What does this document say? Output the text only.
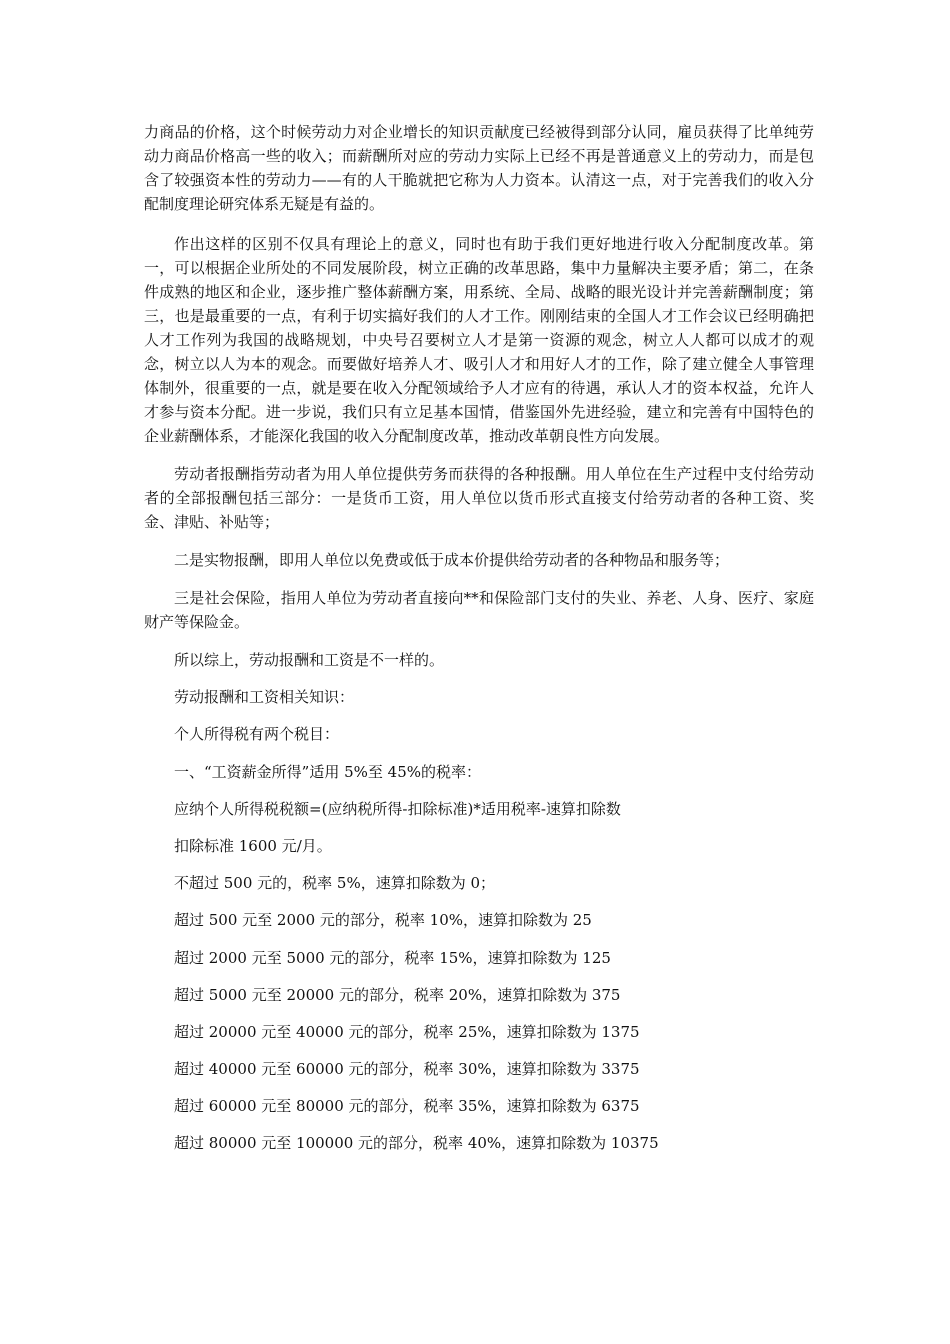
力商品的价格，这个时候劳动力对企业增长的知识贡献度已经被得到部分认同，雇员获得了比单纯劳动力商品价格高一些的收入；而薪酬所对应的劳动力实际上已经不再是普通意义上的劳动力，而是包含了较强资本性的劳动力——有的人干脆就把它称为人力资本。认清这一点，对于完善我们的收入分配制度理论研究体系无疑是有益的。

作出这样的区别不仅具有理论上的意义，同时也有助于我们更好地进行收入分配制度改革。第一，可以根据企业所处的不同发展阶段，树立正确的改革思路，集中力量解决主要矛盾；第二，在条件成熟的地区和企业，逐步推广整体薪酬方案，用系统、全局、战略的眼光设计并完善薪酬制度；第三，也是最重要的一点，有利于切实搞好我们的人才工作。刚刚结束的全国人才工作会议已经明确把人才工作列为我国的战略规划，中央号召要树立人才是第一资源的观念，树立人人都可以成才的观念，树立以人为本的观念。而要做好培养人才、吸引人才和用好人才的工作，除了建立健全人事管理体制外，很重要的一点，就是要在收入分配领域给予人才应有的待遇，承认人才的资本权益，允许人才参与资本分配。进一步说，我们只有立足基本国情，借鉴国外先进经验，建立和完善有中国特色的企业薪酬体系，才能深化我国的收入分配制度改革，推动改革朝良性方向发展。

劳动者报酬指劳动者为用人单位提供劳务而获得的各种报酬。用人单位在生产过程中支付给劳动者的全部报酬包括三部分：一是货币工资，用人单位以货币形式直接支付给劳动者的各种工资、奖金、津贴、补贴等；

二是实物报酬，即用人单位以免费或低于成本价提供给劳动者的各种物品和服务等；

三是社会保险，指用人单位为劳动者直接向**和保险部门支付的失业、养老、人身、医疗、家庭财产等保险金。

所以综上，劳动报酬和工资是不一样的。

劳动报酬和工资相关知识：

个人所得税有两个税目：

一、“工资薪金所得”适用 5%至 45%的税率：

应纳个人所得税税额=(应纳税所得-扣除标准)*适用税率-速算扣除数

扣除标准 1600 元/月。

不超过 500 元的，税率 5%，速算扣除数为 0；

超过 500 元至 2000 元的部分，税率 10%，速算扣除数为 25

超过 2000 元至 5000 元的部分，税率 15%，速算扣除数为 125

超过 5000 元至 20000 元的部分，税率 20%，速算扣除数为 375

超过 20000 元至 40000 元的部分，税率 25%，速算扣除数为 1375

超过 40000 元至 60000 元的部分，税率 30%，速算扣除数为 3375

超过 60000 元至 80000 元的部分，税率 35%，速算扣除数为 6375

超过 80000 元至 100000 元的部分，税率 40%，速算扣除数为 10375
